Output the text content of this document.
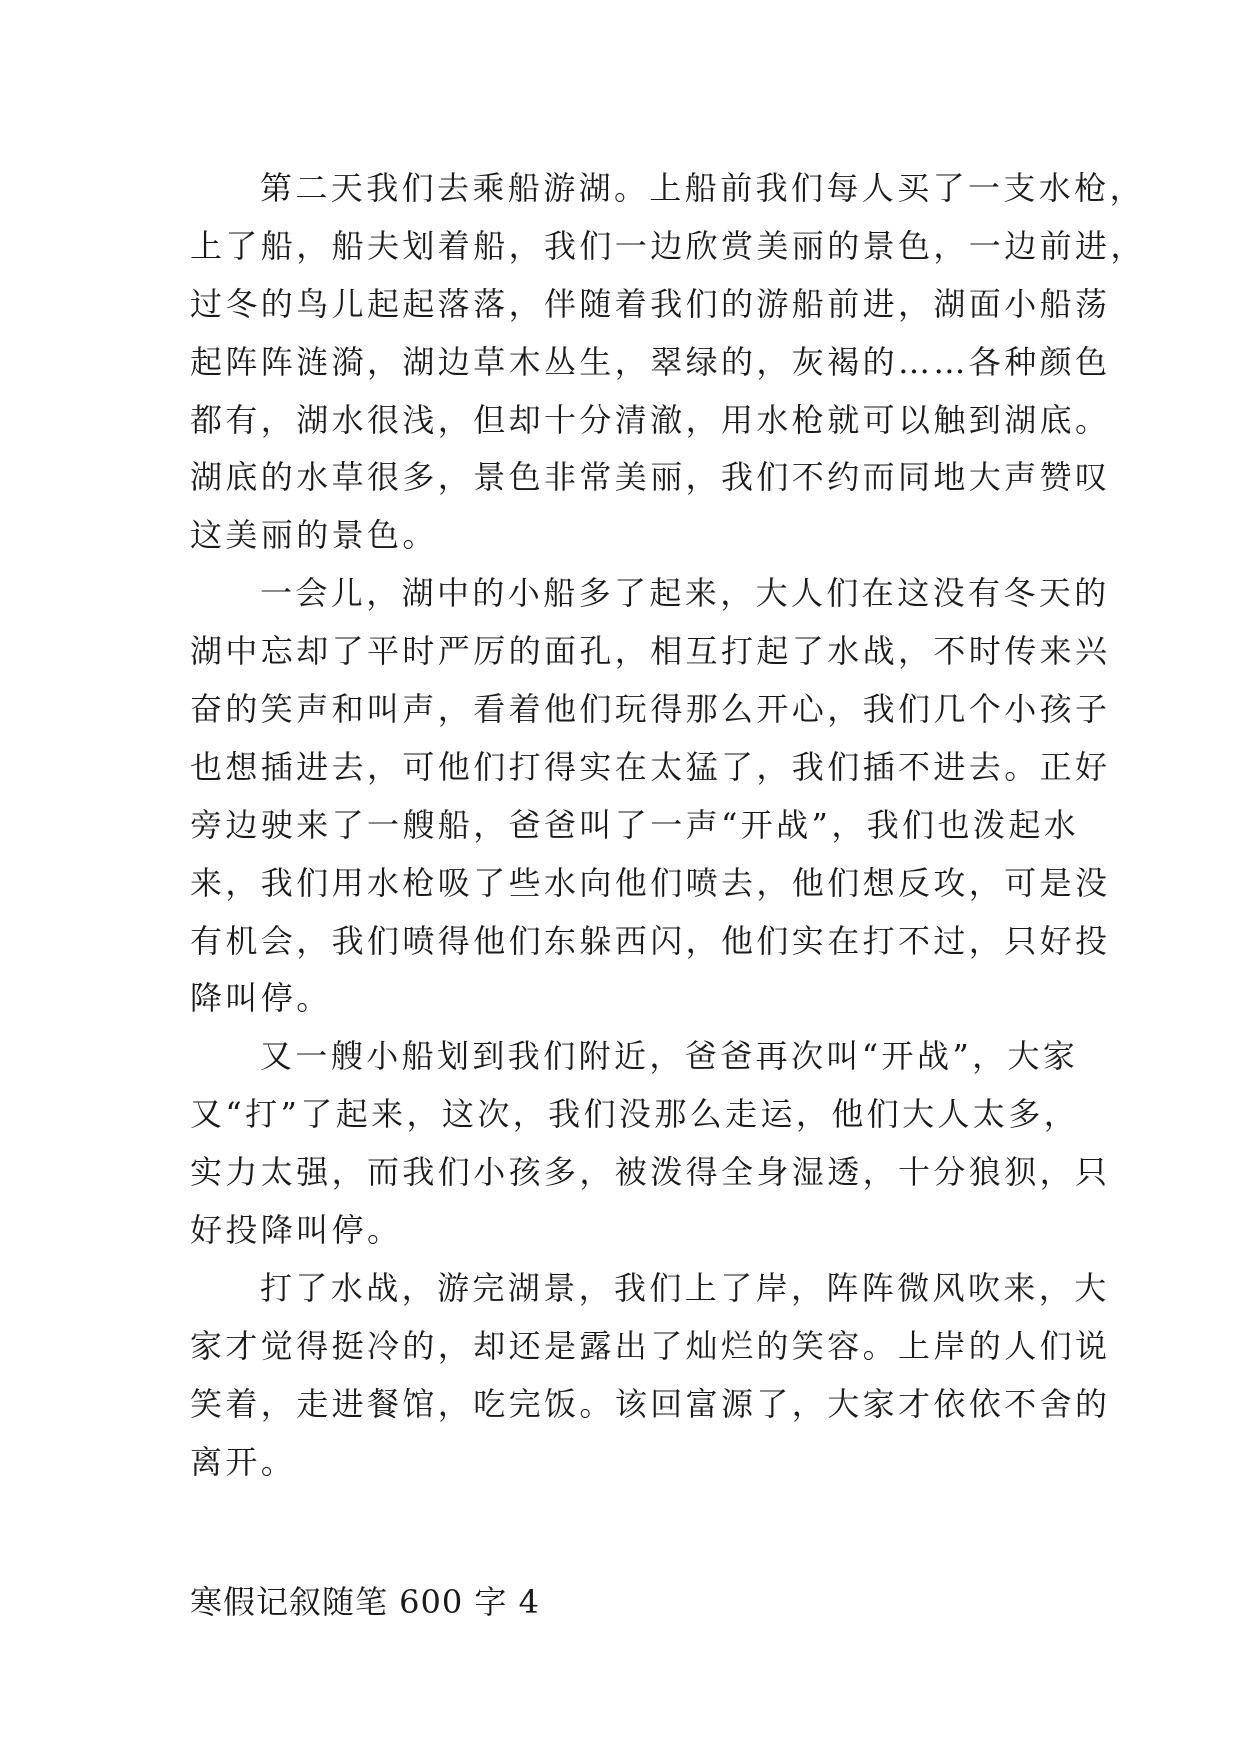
第二天我们去乘船游湖。上船前我们每人买了一支水枪，
上了船，船夫划着船，我们一边欣赏美丽的景色，一边前进，
过冬的鸟儿起起落落，伴随着我们的游船前进，湖面小船荡
起阵阵涟漪，湖边草木丛生，翠绿的，灰褐的……各种颜色
都有，湖水很浅，但却十分清澈，用水枪就可以触到湖底。
湖底的水草很多，景色非常美丽，我们不约而同地大声赞叹
这美丽的景色。
一会儿，湖中的小船多了起来，大人们在这没有冬天的
湖中忘却了平时严厉的面孔，相互打起了水战，不时传来兴
奋的笑声和叫声，看着他们玩得那么开心，我们几个小孩子
也想插进去，可他们打得实在太猛了，我们插不进去。正好
旁边驶来了一艘船，爸爸叫了一声“开战”，我们也泼起水
来，我们用水枪吸了些水向他们喷去，他们想反攻，可是没
有机会，我们喷得他们东躲西闪，他们实在打不过，只好投
降叫停。
又一艘小船划到我们附近，爸爸再次叫“开战”，大家
又“打”了起来，这次，我们没那么走运，他们大人太多，
实力太强，而我们小孩多，被泼得全身湿透，十分狼狈，只
好投降叫停。
打了水战，游完湖景，我们上了岸，阵阵微风吹来，大
家才觉得挺冷的，却还是露出了灿烂的笑容。上岸的人们说
笑着，走进餐馆，吃完饭。该回富源了，大家才依依不舍的
离开。
寒假记叙随笔 600 字 4
